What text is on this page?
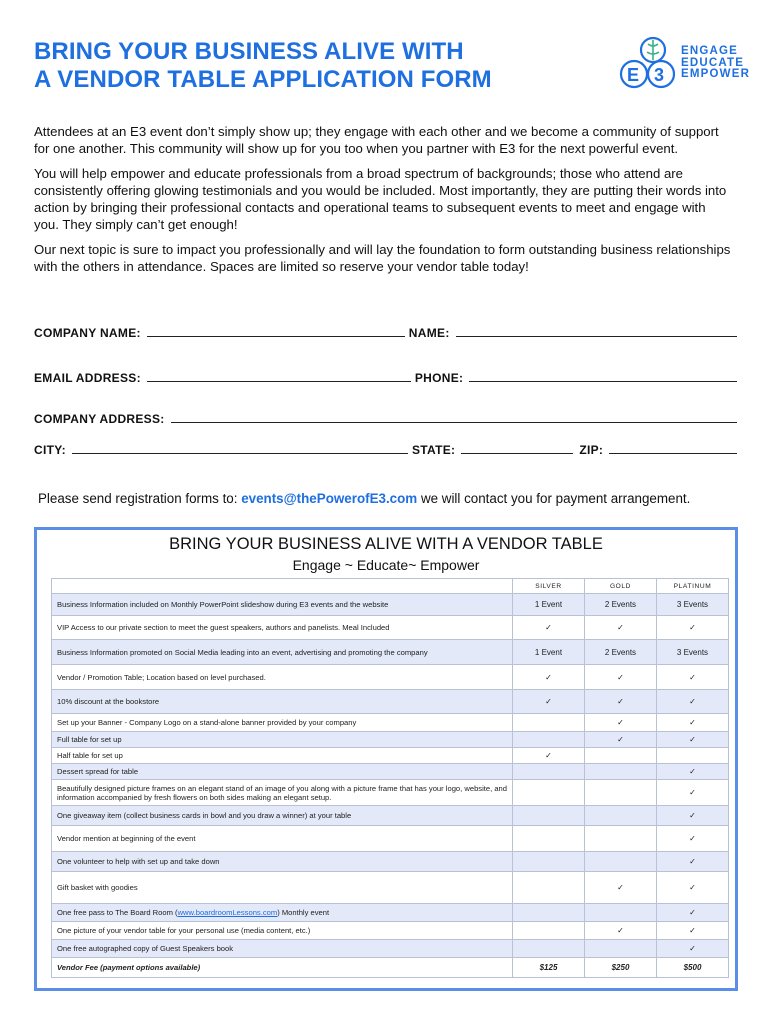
BRING YOUR BUSINESS ALIVE WITH
A VENDOR TABLE APPLICATION FORM	E 3
ENGAGE
EDUCATE
EMPOWER

Attendees at an E3 event don’t simply show up; they engage with each other and we become a community of support for one another. This community will show up for you too when you partner with E3 for the next powerful event.

You will help empower and educate professionals from a broad spectrum of backgrounds; those who attend are consistently offering glowing testimonials and you would be included. Most importantly, they are putting their words into action by bringing their professional contacts and operational teams to subsequent events to meet and engage with you. They simply can’t get enough!

Our next topic is sure to impact you professionally and will lay the foundation to form outstanding business relationships with the others in attendance. Spaces are limited so reserve your vendor table today!

COMPANY NAME:	NAME:
EMAIL ADDRESS:	PHONE:
COMPANY ADDRESS:
CITY:	STATE:	ZIP:
Please send registration forms to: events@thePowerofE3.com we will contact you for payment arrangement.
BRING YOUR BUSINESS ALIVE WITH A VENDOR TABLE
Engage ~ Educate~ Empower
	SILVER	GOLD	PLATINUM
Business Information included on Monthly PowerPoint slideshow during E3 events and the website	1 Event	2 Events	3 Events
VIP Access to our private section to meet the guest speakers, authors and panelists. Meal Included	✓	✓	✓
Business Information promoted on Social Media leading into an event, advertising and promoting the company	1 Event	2 Events	3 Events
Vendor / Promotion Table; Location based on level purchased.	✓	✓	✓
10% discount at the bookstore	✓	✓	✓
Set up your Banner - Company Logo on a stand-alone banner provided by your company		✓	✓
Full table for set up		✓	✓
Half table for set up	✓		
Dessert spread for table			✓
Beautifully designed picture frames on an elegant stand of an image of you along with a picture frame that has your logo, website, and information accompanied by fresh flowers on both sides making an elegant setup.			✓
One giveaway item (collect business cards in bowl and you draw a winner) at your table			✓
Vendor mention at beginning of the event			✓
One volunteer to help with set up and take down			✓
Gift basket with goodies		✓	✓
One free pass to The Board Room (www.boardroomLessons.com) Monthly event			✓
One picture of your vendor table for your personal use (media content, etc.)		✓	✓
One free autographed copy of Guest Speakers book			✓
Vendor Fee (payment options available)	$125	$250	$500
